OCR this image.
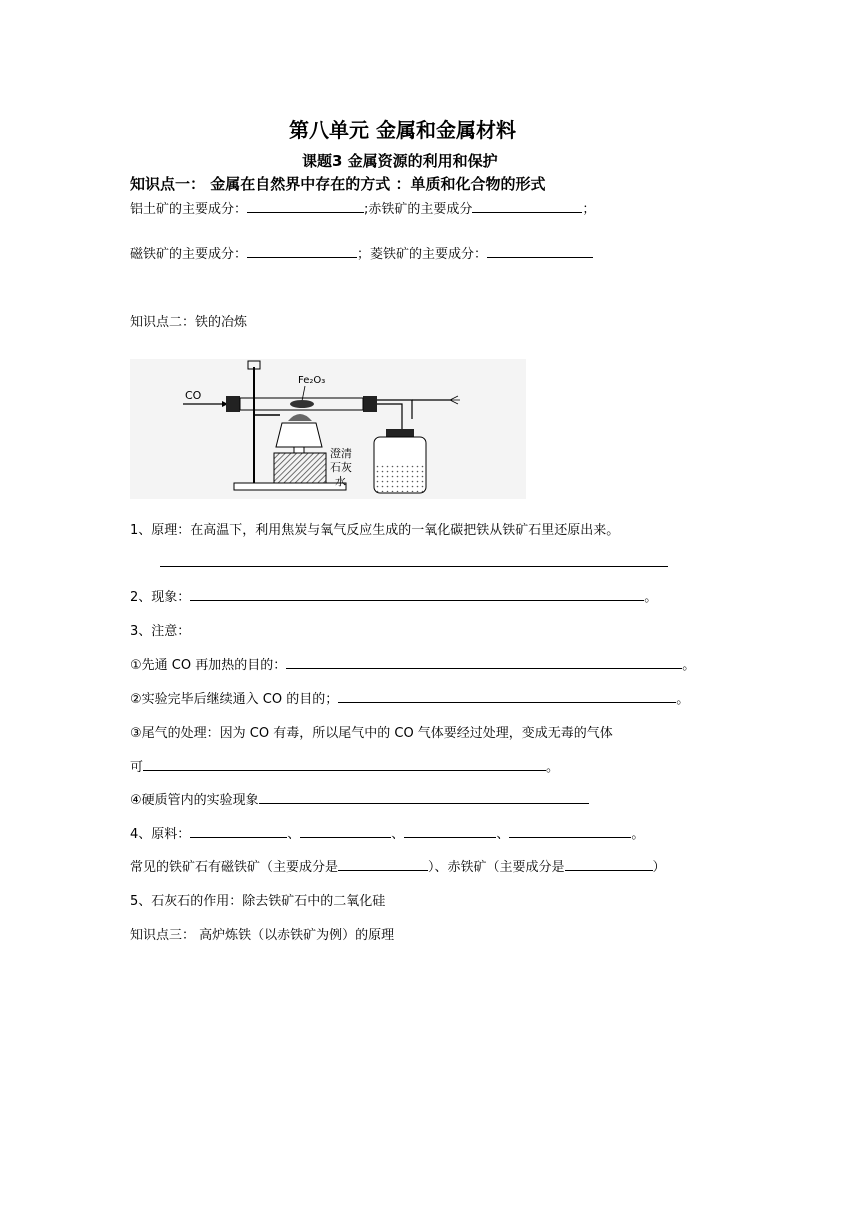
第八单元 金属和金属材料
课题3 金属资源的利用和保护
知识点一： 金属在自然界中存在的方式 ：单质和化合物的形式
铝土矿的主要成分：	;赤铁矿的主要成分	；
磁铁矿的主要成分：	；菱铁矿的主要成分：
知识点二：铁的冶炼
CO
Fe₂O₃
澄清
石灰
水
1、原理：在高温下，利用焦炭与氧气反应生成的一氧化碳把铁从铁矿石里还原出来。
2、现象：	。
3、注意：
①先通 CO 再加热的目的：	。
②实验完毕后继续通入 CO 的目的；	。
③尾气的处理：因为 CO 有毒，所以尾气中的 CO 气体要经过处理，变成无毒的气体
可	。
④硬质管内的实验现象
4、原料：	、	、	、	。
常见的铁矿石有磁铁矿（主要成分是	）、赤铁矿（主要成分是	）
5、石灰石的作用：除去铁矿石中的二氧化硅
知识点三： 高炉炼铁（以赤铁矿为例）的原理
